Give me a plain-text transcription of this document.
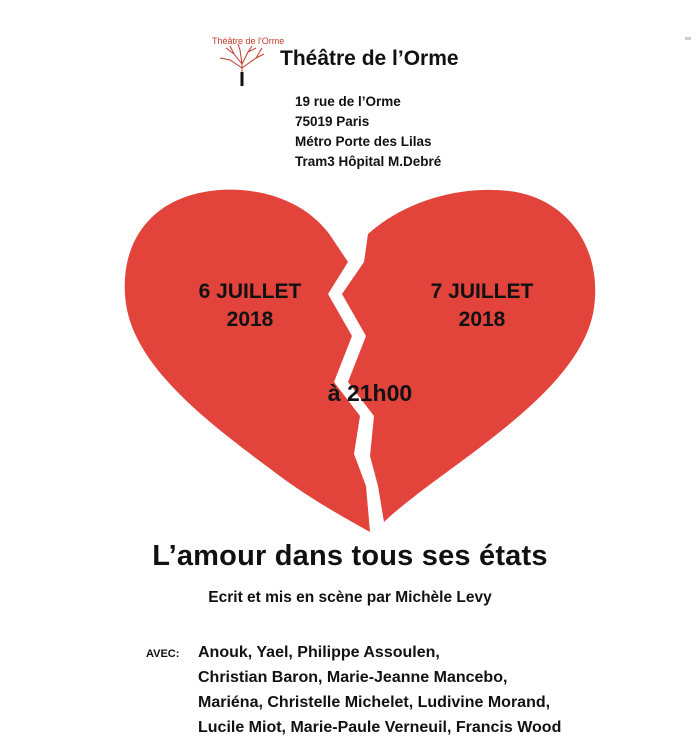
Théâtre de l'Orme
Théâtre de l’Orme
19 rue de l’Orme
75019 Paris
Métro Porte des Lilas
Tram3 Hôpital M.Debré
6 JUILLET
2018
7 JUILLET
2018
à 21h00
L’amour dans tous ses états
Ecrit et mis en scène par Michèle Levy
AVEC: Anouk, Yael, Philippe Assoulen,
Christian Baron, Marie-Jeanne Mancebo,
Mariéna, Christelle Michelet, Ludivine Morand,
Lucile Miot, Marie-Paule Verneuil, Francis Wood
